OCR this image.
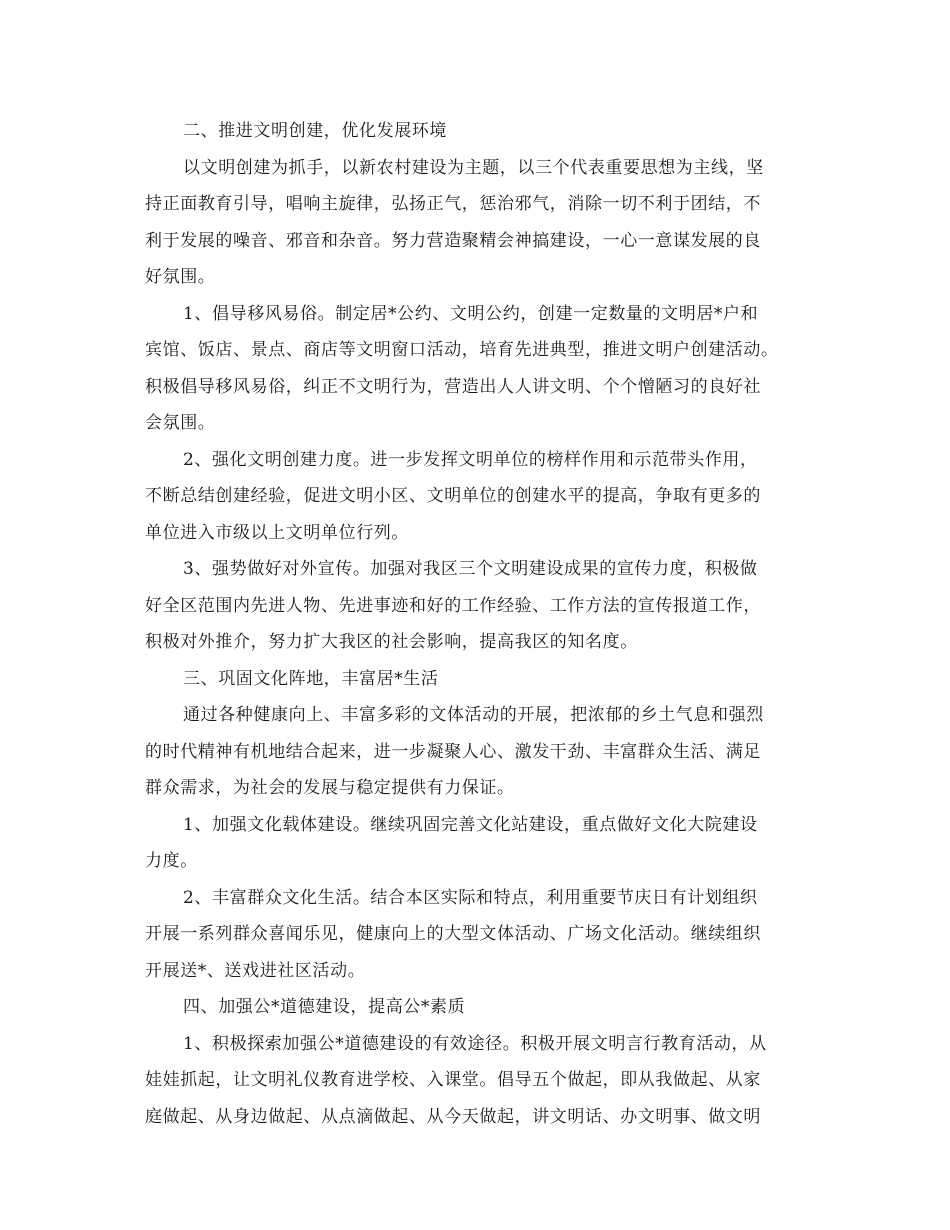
二、推进文明创建，优化发展环境
以文明创建为抓手，以新农村建设为主题，以三个代表重要思想为主线，坚
持正面教育引导，唱响主旋律，弘扬正气，惩治邪气，消除一切不利于团结，不
利于发展的噪音、邪音和杂音。努力营造聚精会神搞建设，一心一意谋发展的良
好氛围。
1、倡导移风易俗。制定居*公约、文明公约，创建一定数量的文明居*户和
宾馆、饭店、景点、商店等文明窗口活动，培育先进典型，推进文明户创建活动。
积极倡导移风易俗，纠正不文明行为，营造出人人讲文明、个个憎陋习的良好社
会氛围。
2、强化文明创建力度。进一步发挥文明单位的榜样作用和示范带头作用，
不断总结创建经验，促进文明小区、文明单位的创建水平的提高，争取有更多的
单位进入市级以上文明单位行列。
3、强势做好对外宣传。加强对我区三个文明建设成果的宣传力度，积极做
好全区范围内先进人物、先进事迹和好的工作经验、工作方法的宣传报道工作，
积极对外推介，努力扩大我区的社会影响，提高我区的知名度。
三、巩固文化阵地，丰富居*生活
通过各种健康向上、丰富多彩的文体活动的开展，把浓郁的乡土气息和强烈
的时代精神有机地结合起来，进一步凝聚人心、激发干劲、丰富群众生活、满足
群众需求，为社会的发展与稳定提供有力保证。
1、加强文化载体建设。继续巩固完善文化站建设，重点做好文化大院建设
力度。
2、丰富群众文化生活。结合本区实际和特点，利用重要节庆日有计划组织
开展一系列群众喜闻乐见，健康向上的大型文体活动、广场文化活动。继续组织
开展送*、送戏进社区活动。
四、加强公*道德建设，提高公*素质
1、积极探索加强公*道德建设的有效途径。积极开展文明言行教育活动，从
娃娃抓起，让文明礼仪教育进学校、入课堂。倡导五个做起，即从我做起、从家
庭做起、从身边做起、从点滴做起、从今天做起，讲文明话、办文明事、做文明
